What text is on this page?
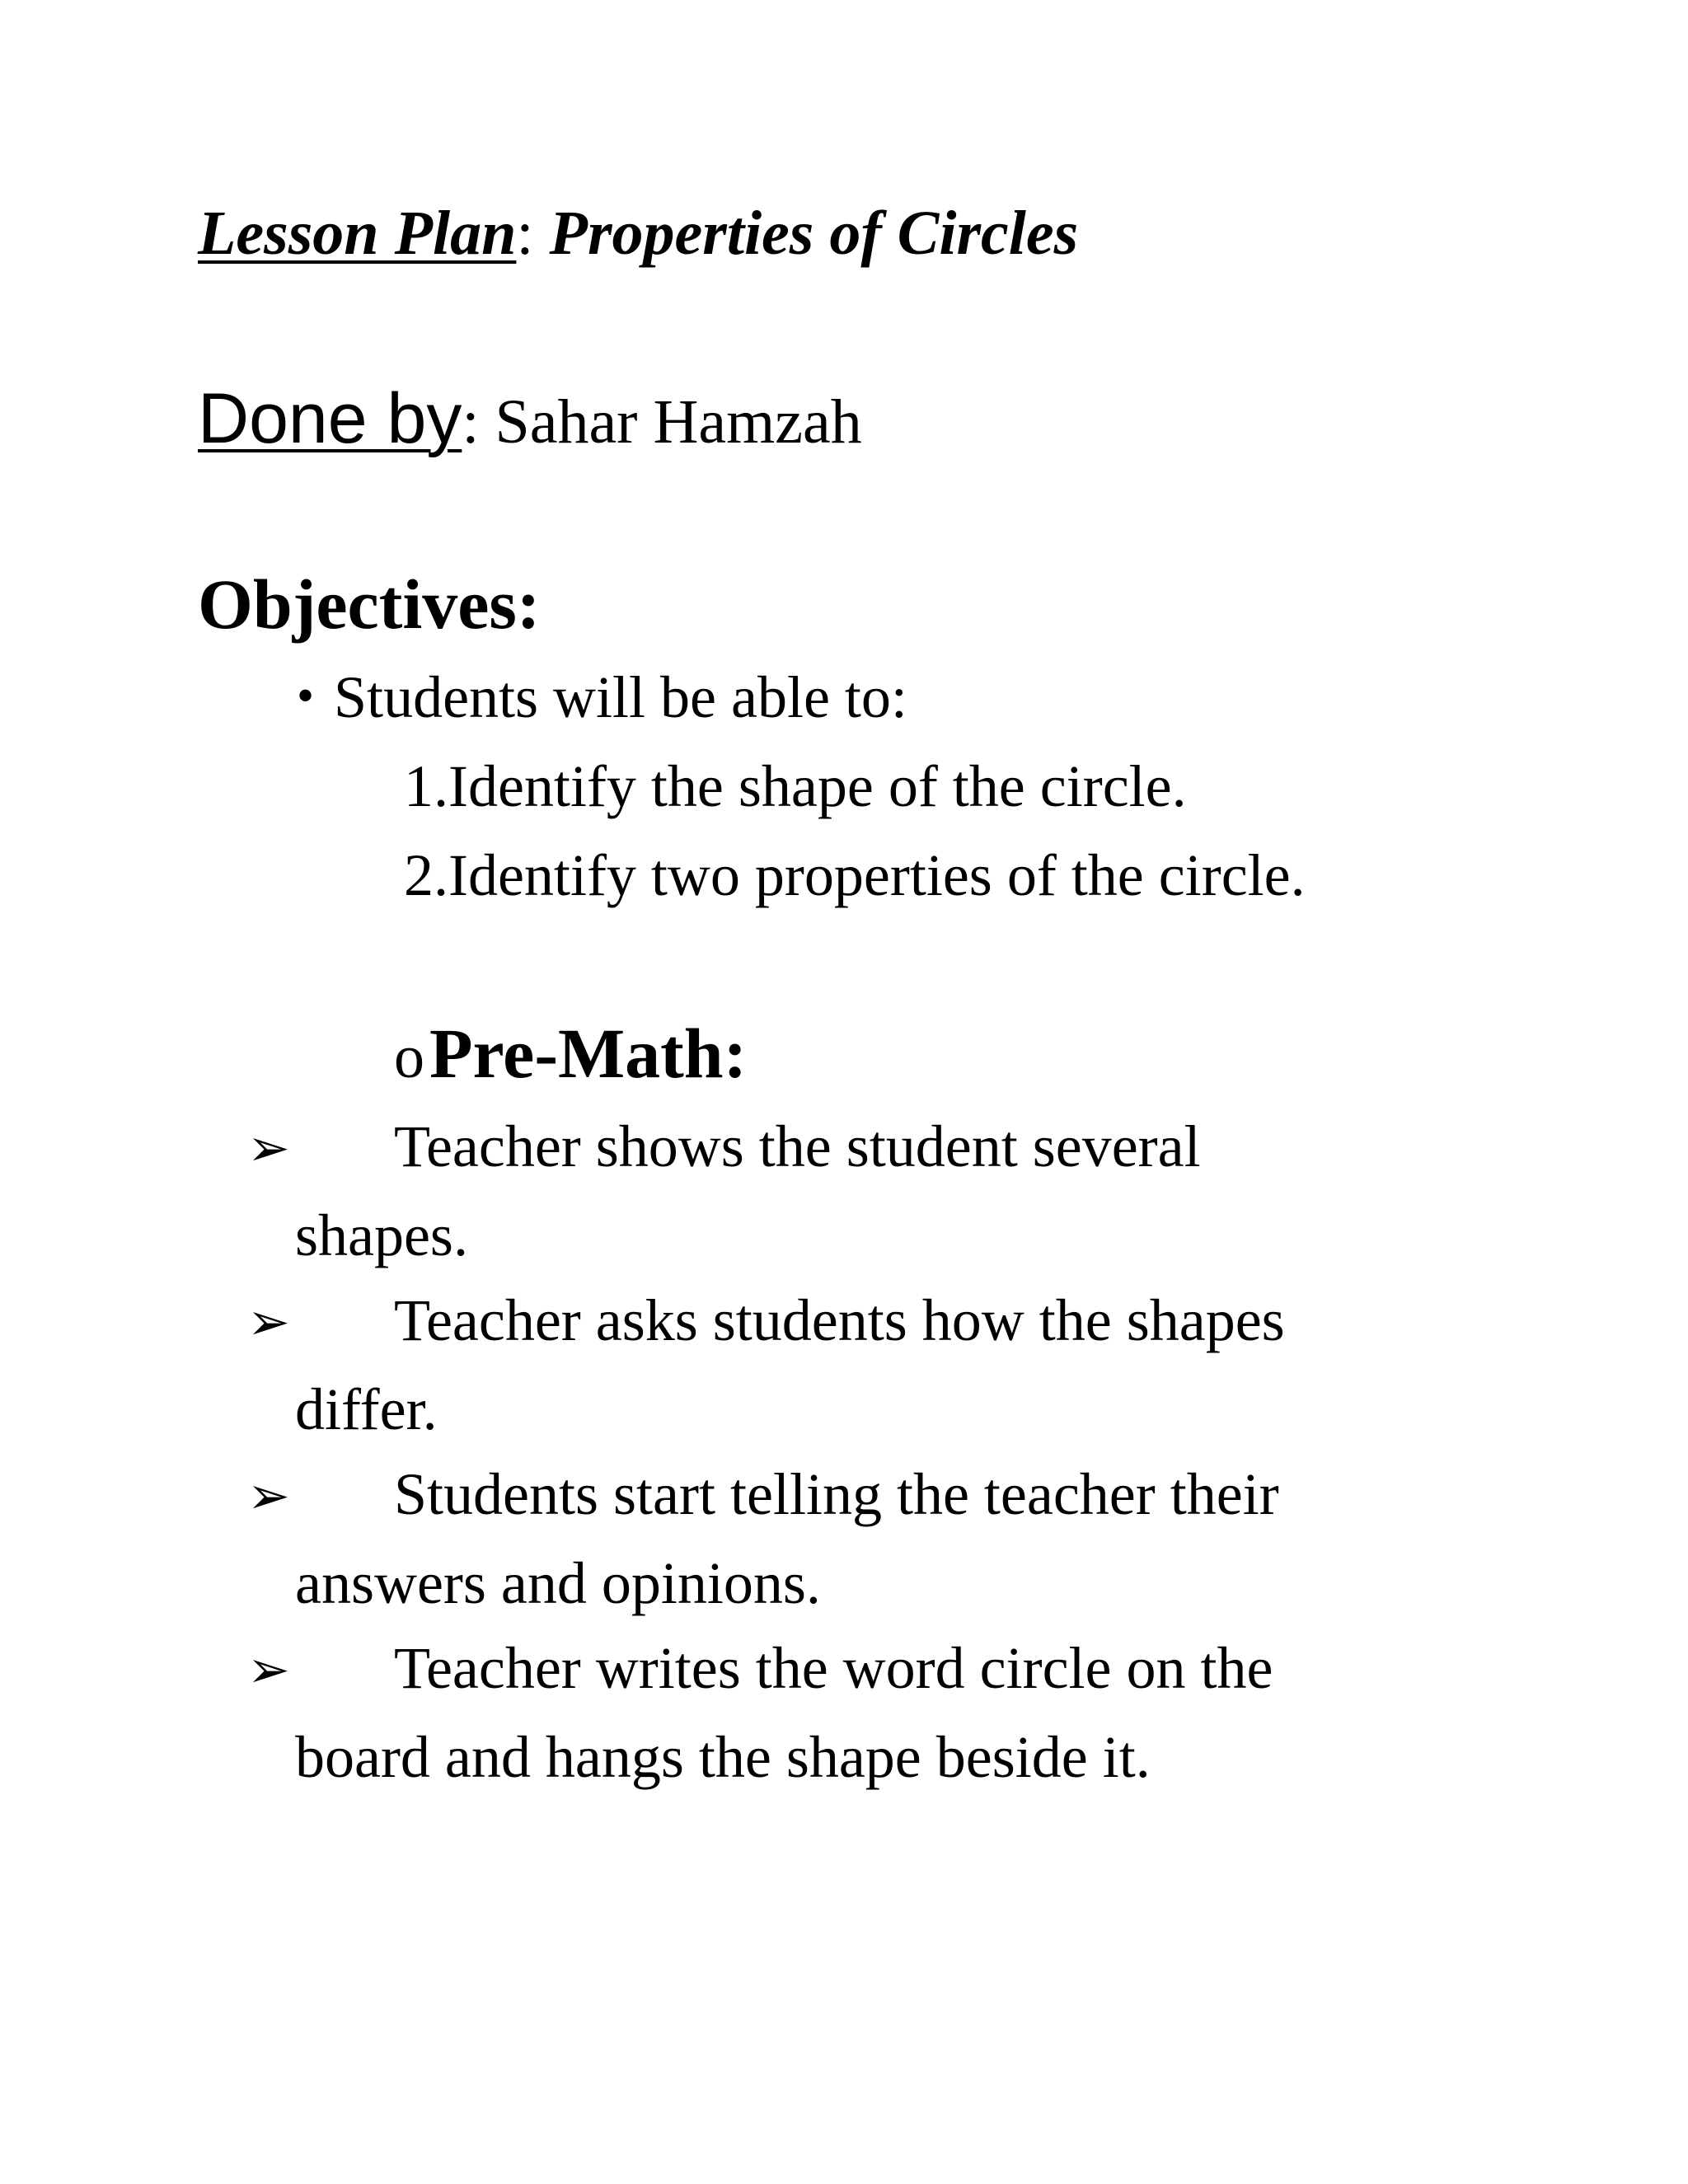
Lesson Plan: Properties of Circles
Done by: Sahar Hamzah
Objectives:
• Students will be able to:
1.Identify the shape of the circle.
2.Identify two properties of the circle.
oPre-Math:
➢ Teacher shows the student several
shapes.
➢ Teacher asks students how the shapes
differ.
➢ Students start telling the teacher their
answers and opinions.
➢ Teacher writes the word circle on the
board and hangs the shape beside it.
